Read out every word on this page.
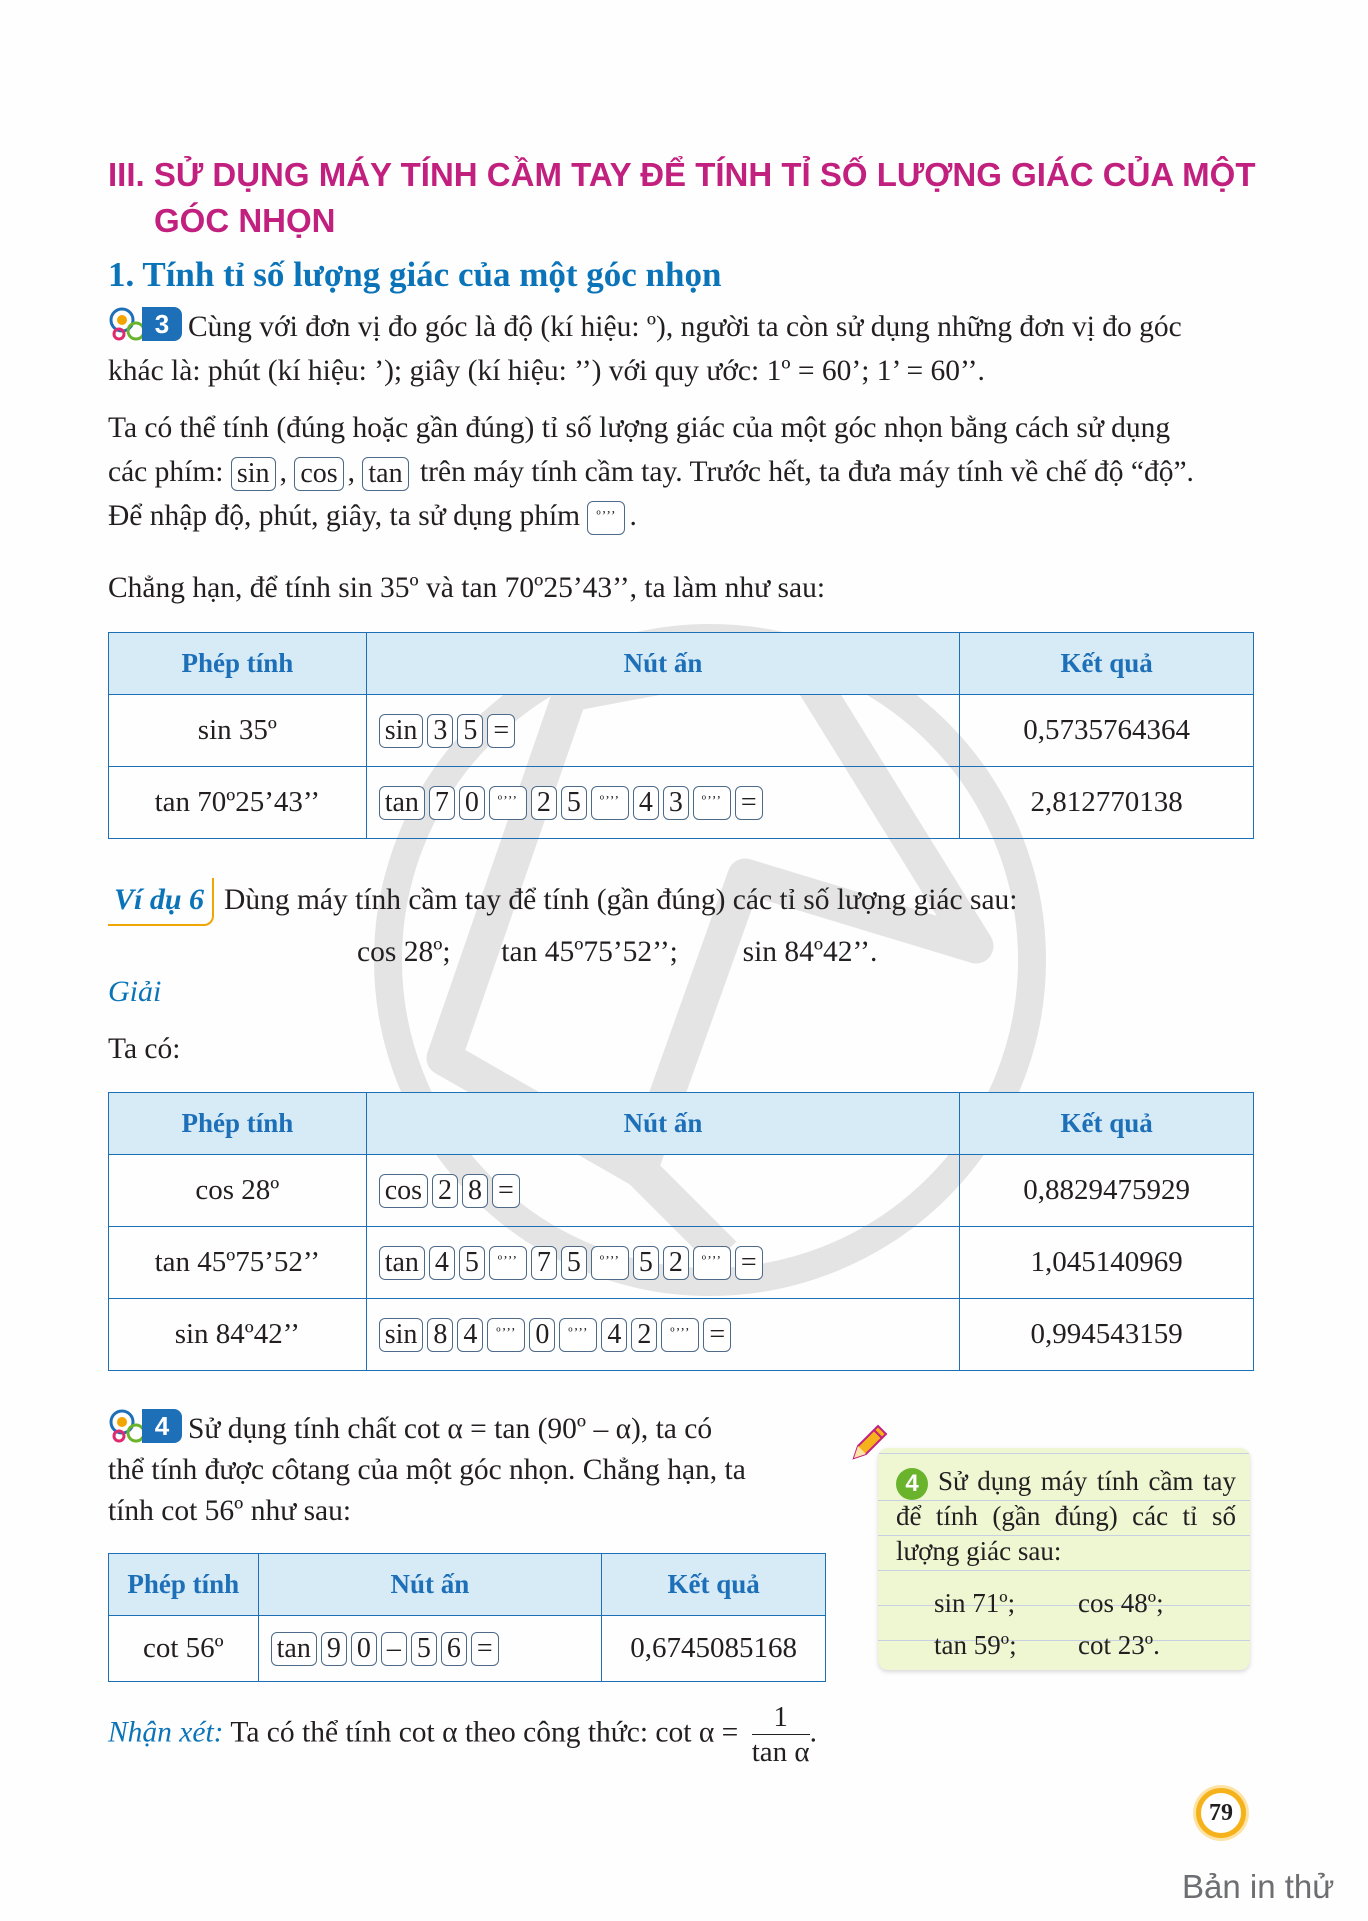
III. SỬ DỤNG MÁY TÍNH CẦM TAY ĐỂ TÍNH TỈ SỐ LƯỢNG GIÁC CỦA MỘT
GÓC NHỌN
1. Tính tỉ số lượng giác của một góc nhọn
3 Cùng với đơn vị đo góc là độ (kí hiệu: º), người ta còn sử dụng những đơn vị đo góc
khác là: phút (kí hiệu: ’); giây (kí hiệu: ’’) với quy ước: 1º = 60’; 1’ = 60’’.
Ta có thể tính (đúng hoặc gần đúng) tỉ số lượng giác của một góc nhọn bằng cách sử dụng
các phím: sin , cos , tan trên máy tính cầm tay. Trước hết, ta đưa máy tính về chế độ “độ”.
Để nhập độ, phút, giây, ta sử dụng phím º’’’ .
Chẳng hạn, để tính sin 35º và tan 70º25’43’’, ta làm như sau:
Phép tính	Nút ấn	Kết quả
sin 35º	sin 3 5 =	0,5735764364
tan 70º25’43’’	tan 7 0 º’’’ 2 5 º’’’ 4 3 º’’’ =	2,812770138
Ví dụ 6 Dùng máy tính cầm tay để tính (gần đúng) các tỉ số lượng giác sau:
cos 28º; tan 45º75’52’’; sin 84º42’’.
Giải
Ta có:
Phép tính	Nút ấn	Kết quả
cos 28º	cos 2 8 =	0,8829475929
tan 45º75’52’’	tan 4 5 º’’’ 7 5 º’’’ 5 2 º’’’ =	1,045140969
sin 84º42’’	sin 8 4 º’’’ 0 º’’’ 4 2 º’’’ =	0,994543159
4 Sử dụng tính chất cot α = tan (90º – α), ta có
thể tính được côtang của một góc nhọn. Chẳng hạn, ta
tính cot 56º như sau:
Phép tính	Nút ấn	Kết quả
cot 56º	tan 9 0 – 5 6 =	0,6745085168
4 Sử dụng máy tính cầm tay để tính (gần đúng) các tỉ số lượng giác sau:
sin 71º; cos 48º;
tan 59º; cot 23º.
Nhận xét: Ta có thể tính cot α theo công thức: $\cot \alpha = \frac{1}{\text{tan α}}$ .
79
Bản in thử
